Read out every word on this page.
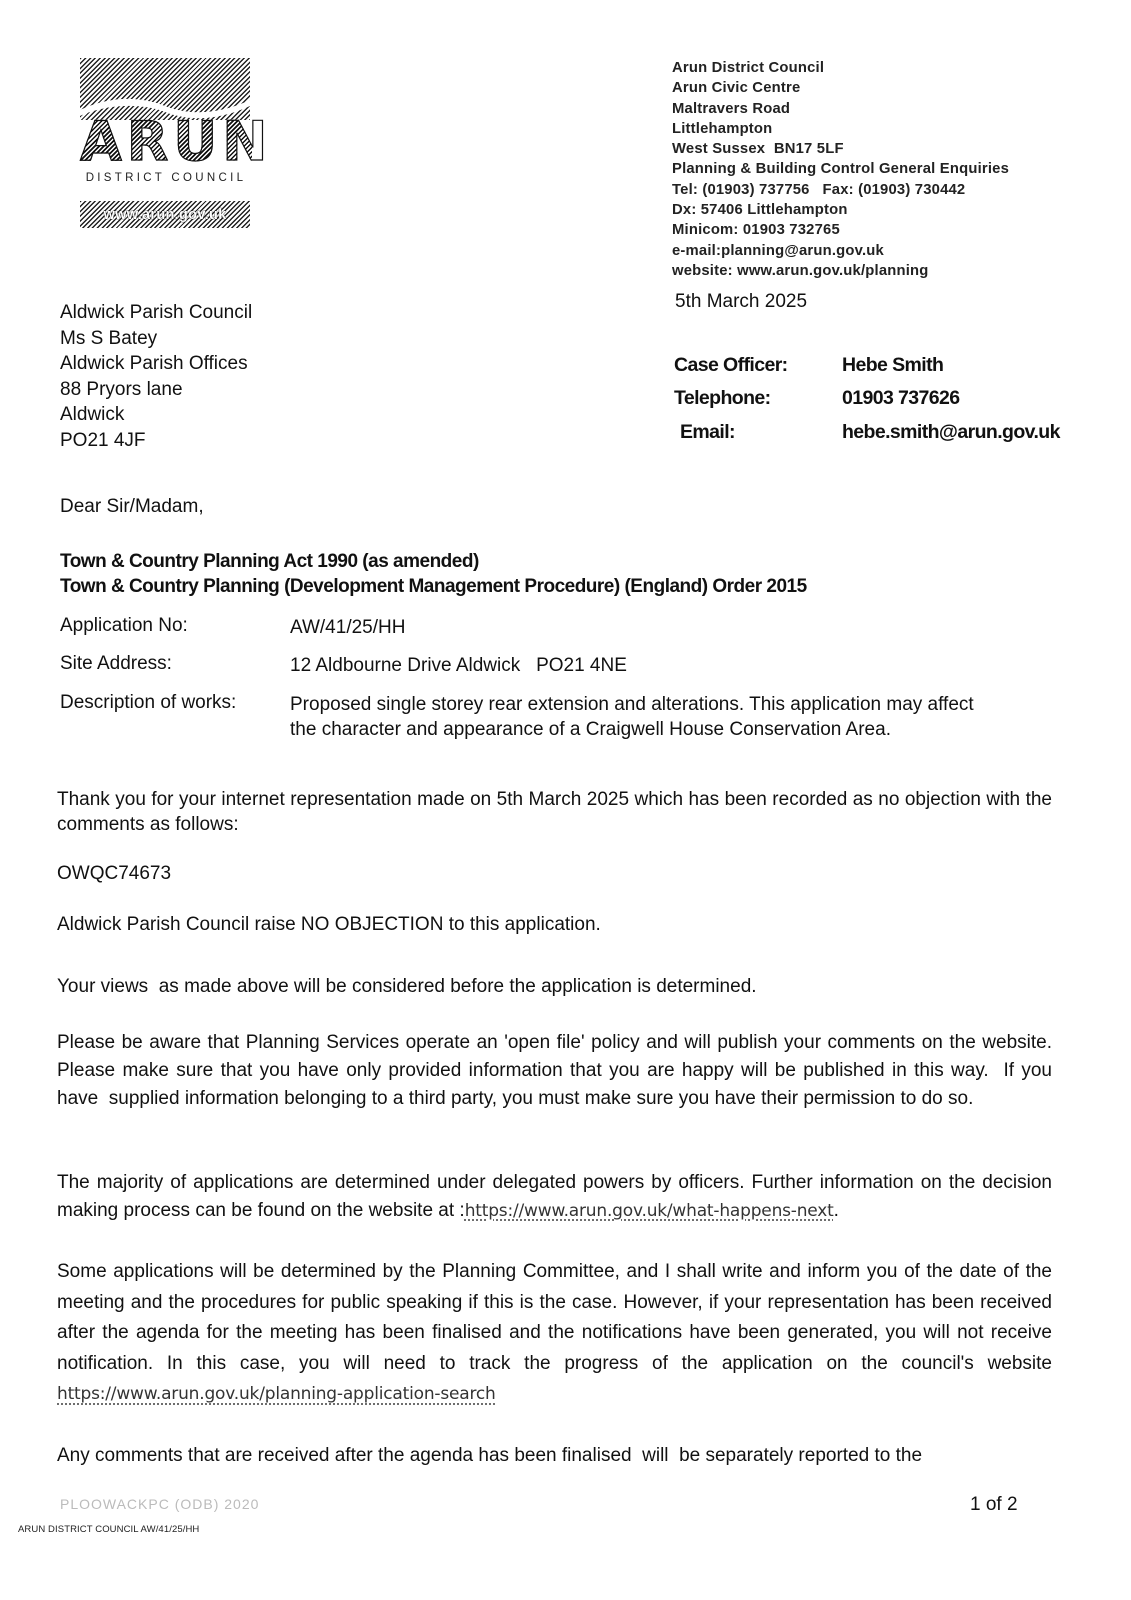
ARUN
DISTRICT COUNCIL
www.arun.gov.uk
Arun District Council
Arun Civic Centre
Maltravers Road
Littlehampton
West Sussex  BN17 5LF
Planning & Building Control General Enquiries
Tel: (01903) 737756   Fax: (01903) 730442
Dx: 57406 Littlehampton
Minicom: 01903 732765
e-mail:planning@arun.gov.uk
website: www.arun.gov.uk/planning
5th March 2025
Aldwick Parish Council
Ms S Batey
Aldwick Parish Offices
88 Pryors lane
Aldwick
PO21 4JF
Case Officer:	Hebe Smith
Telephone:	01903 737626
Email:	hebe.smith@arun.gov.uk
Dear Sir/Madam,
Town & Country Planning Act 1990 (as amended)
Town & Country Planning (Development Management Procedure) (England) Order 2015
Application No:	AW/41/25/HH
Site Address:	12 Aldbourne Drive Aldwick   PO21 4NE
Description of works:	Proposed single storey rear extension and alterations. This application may affect
the character and appearance of a Craigwell House Conservation Area.
Thank you for your internet representation made on 5th March 2025 which has been recorded as no objection with the comments as follows:
OWQC74673
Aldwick Parish Council raise NO OBJECTION to this application.
Your views  as made above will be considered before the application is determined.
Please be aware that Planning Services operate an 'open file' policy and will publish your comments on the website.  Please make sure that you have only provided information that you are happy will be published in this way.  If you have  supplied information belonging to a third party, you must make sure you have their permission to do so.
The majority of applications are determined under delegated powers by officers. Further information on the decision making process can be found on the website at :https://www.arun.gov.uk/what-happens-next.
Some applications will be determined by the Planning Committee, and I shall write and inform you of the date of the meeting and the procedures for public speaking if this is the case. However, if your representation has been received after the agenda for the meeting has been finalised and the notifications have been generated, you will not receive notification. In this case, you will need to track the progress of the application on the council's website https://www.arun.gov.uk/planning-application-search
Any comments that are received after the agenda has been finalised  will  be separately reported to the
PLOOWACKPC (ODB) 2020	1 of 2
ARUN DISTRICT COUNCIL AW/41/25/HH
